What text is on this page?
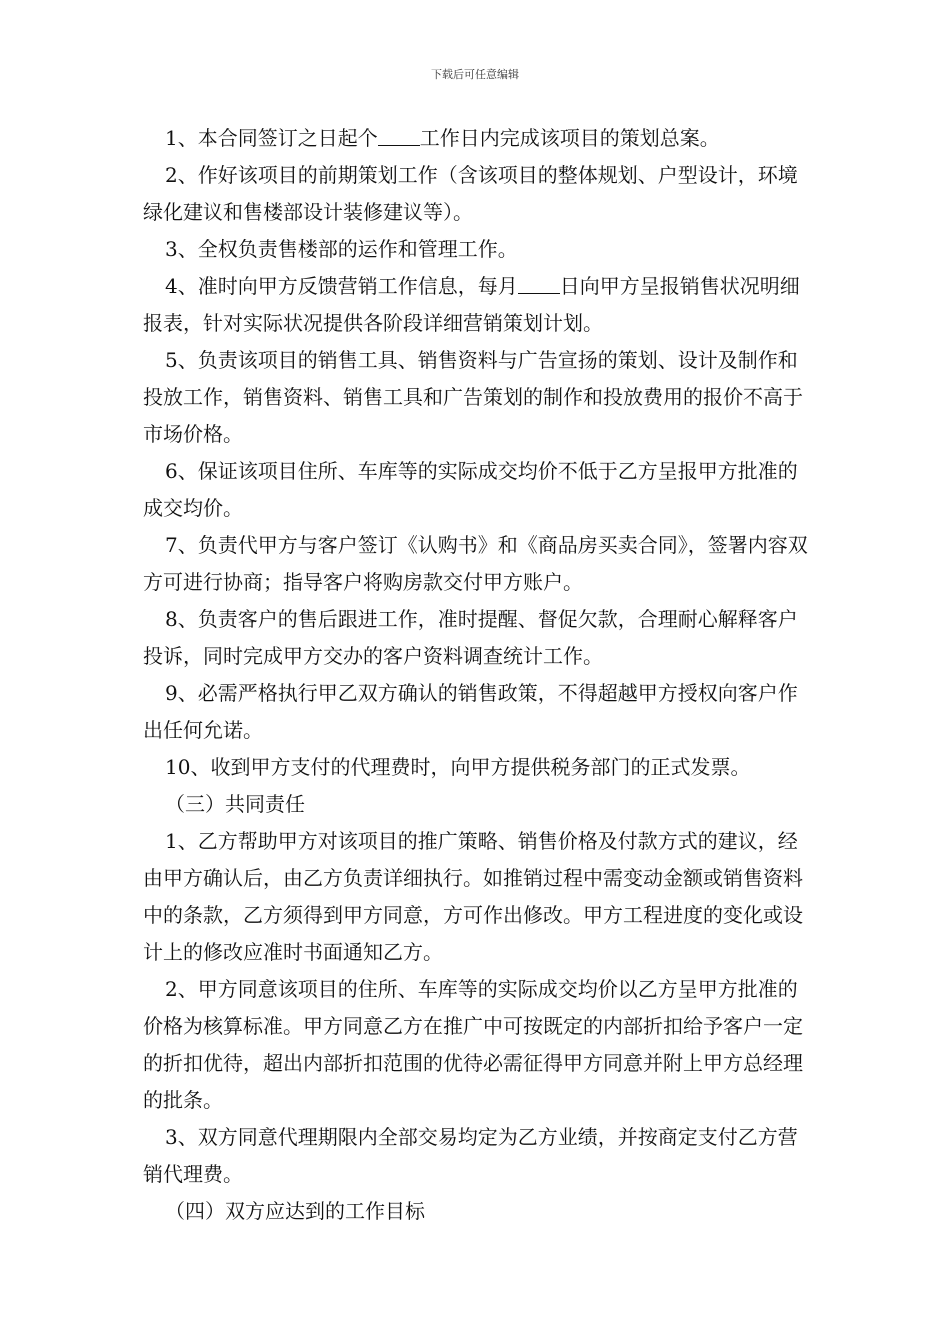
下载后可任意编辑

1、本合同签订之日起个 工作日内完成该项目的策划总案。

2、作好该项目的前期策划工作（含该项目的整体规划、户型设计，环境绿化建议和售楼部设计装修建议等）。

3、全权负责售楼部的运作和管理工作。

4、准时向甲方反馈营销工作信息，每月 日向甲方呈报销售状况明细报表，针对实际状况提供各阶段详细营销策划计划。

5、负责该项目的销售工具、销售资料与广告宣扬的策划、设计及制作和投放工作，销售资料、销售工具和广告策划的制作和投放费用的报价不高于市场价格。

6、保证该项目住所、车库等的实际成交均价不低于乙方呈报甲方批准的成交均价。

7、负责代甲方与客户签订《认购书》和《商品房买卖合同》，签署内容双方可进行协商；指导客户将购房款交付甲方账户。

8、负责客户的售后跟进工作，准时提醒、督促欠款，合理耐心解释客户投诉，同时完成甲方交办的客户资料调查统计工作。

9、必需严格执行甲乙双方确认的销售政策，不得超越甲方授权向客户作出任何允诺。

10、收到甲方支付的代理费时，向甲方提供税务部门的正式发票。

（三）共同责任

1、乙方帮助甲方对该项目的推广策略、销售价格及付款方式的建议，经由甲方确认后，由乙方负责详细执行。如推销过程中需变动金额或销售资料中的条款，乙方须得到甲方同意，方可作出修改。甲方工程进度的变化或设计上的修改应准时书面通知乙方。

2、甲方同意该项目的住所、车库等的实际成交均价以乙方呈甲方批准的价格为核算标准。甲方同意乙方在推广中可按既定的内部折扣给予客户一定的折扣优待，超出内部折扣范围的优待必需征得甲方同意并附上甲方总经理的批条。

3、双方同意代理期限内全部交易均定为乙方业绩，并按商定支付乙方营销代理费。

（四）双方应达到的工作目标
